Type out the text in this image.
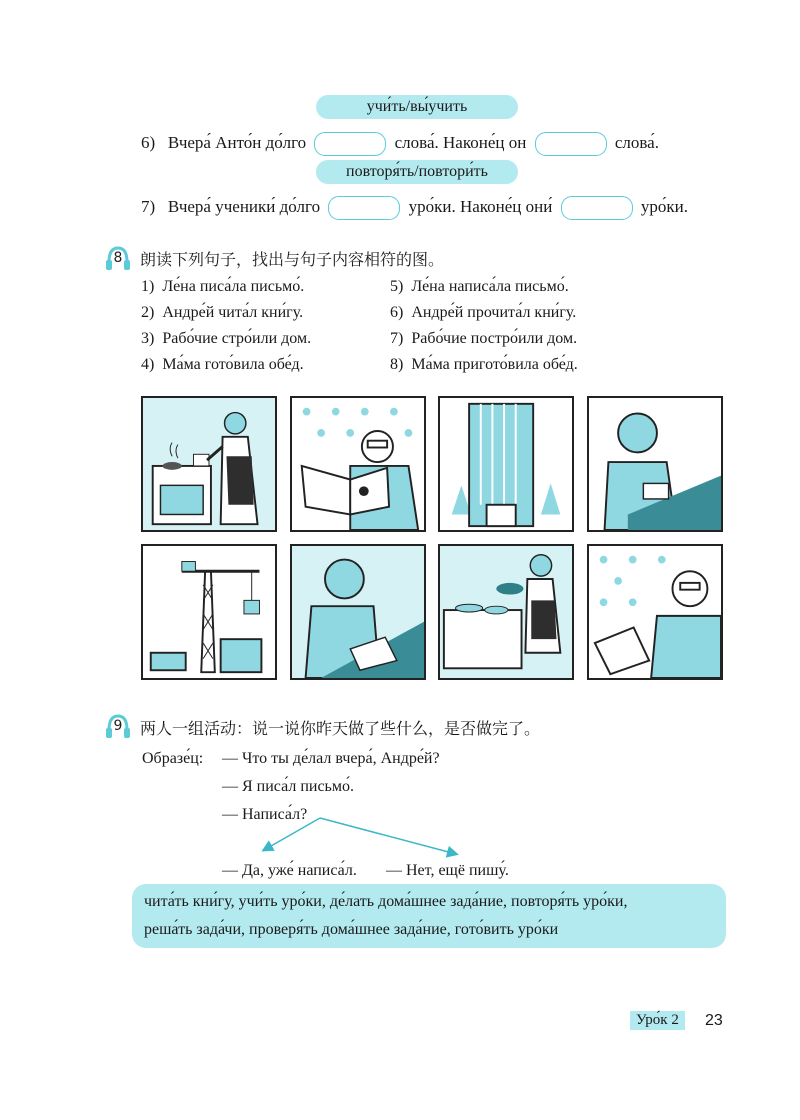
учи́ть/вы́учить
6) Вчера́ Анто́н до́лго	слова́. Наконе́ц он	слова́.
повторя́ть/повтори́ть
7) Вчера́ ученики́ до́лго	уро́ки. Наконе́ц они́	уро́ки.
8	朗读下列句子，找出与句子内容相符的图。
1) Ле́на писа́ла письмо́.
2) Андре́й чита́л кни́гу.
3) Рабо́чие стро́или дом.
4) Ма́ма гото́вила обе́д.
5) Ле́на написа́ла письмо́.
6) Андре́й прочита́л кни́гу.
7) Рабо́чие постро́или дом.
8) Ма́ма пригото́вила обе́д.
9	两人一组活动：说一说你昨天做了些什么，是否做完了。
Образе́ц: — Что ты де́лал вчера́, Андре́й?
— Я писа́л письмо́.
— Написа́л?
— Да, уже́ написа́л. — Нет, ещё пишу́.
чита́ть кни́гу, учи́ть уро́ки, де́лать дома́шнее зада́ние, повторя́ть уро́ки,
реша́ть зада́чи, проверя́ть дома́шнее зада́ние, гото́вить уро́ки
Уро́к 2	23
